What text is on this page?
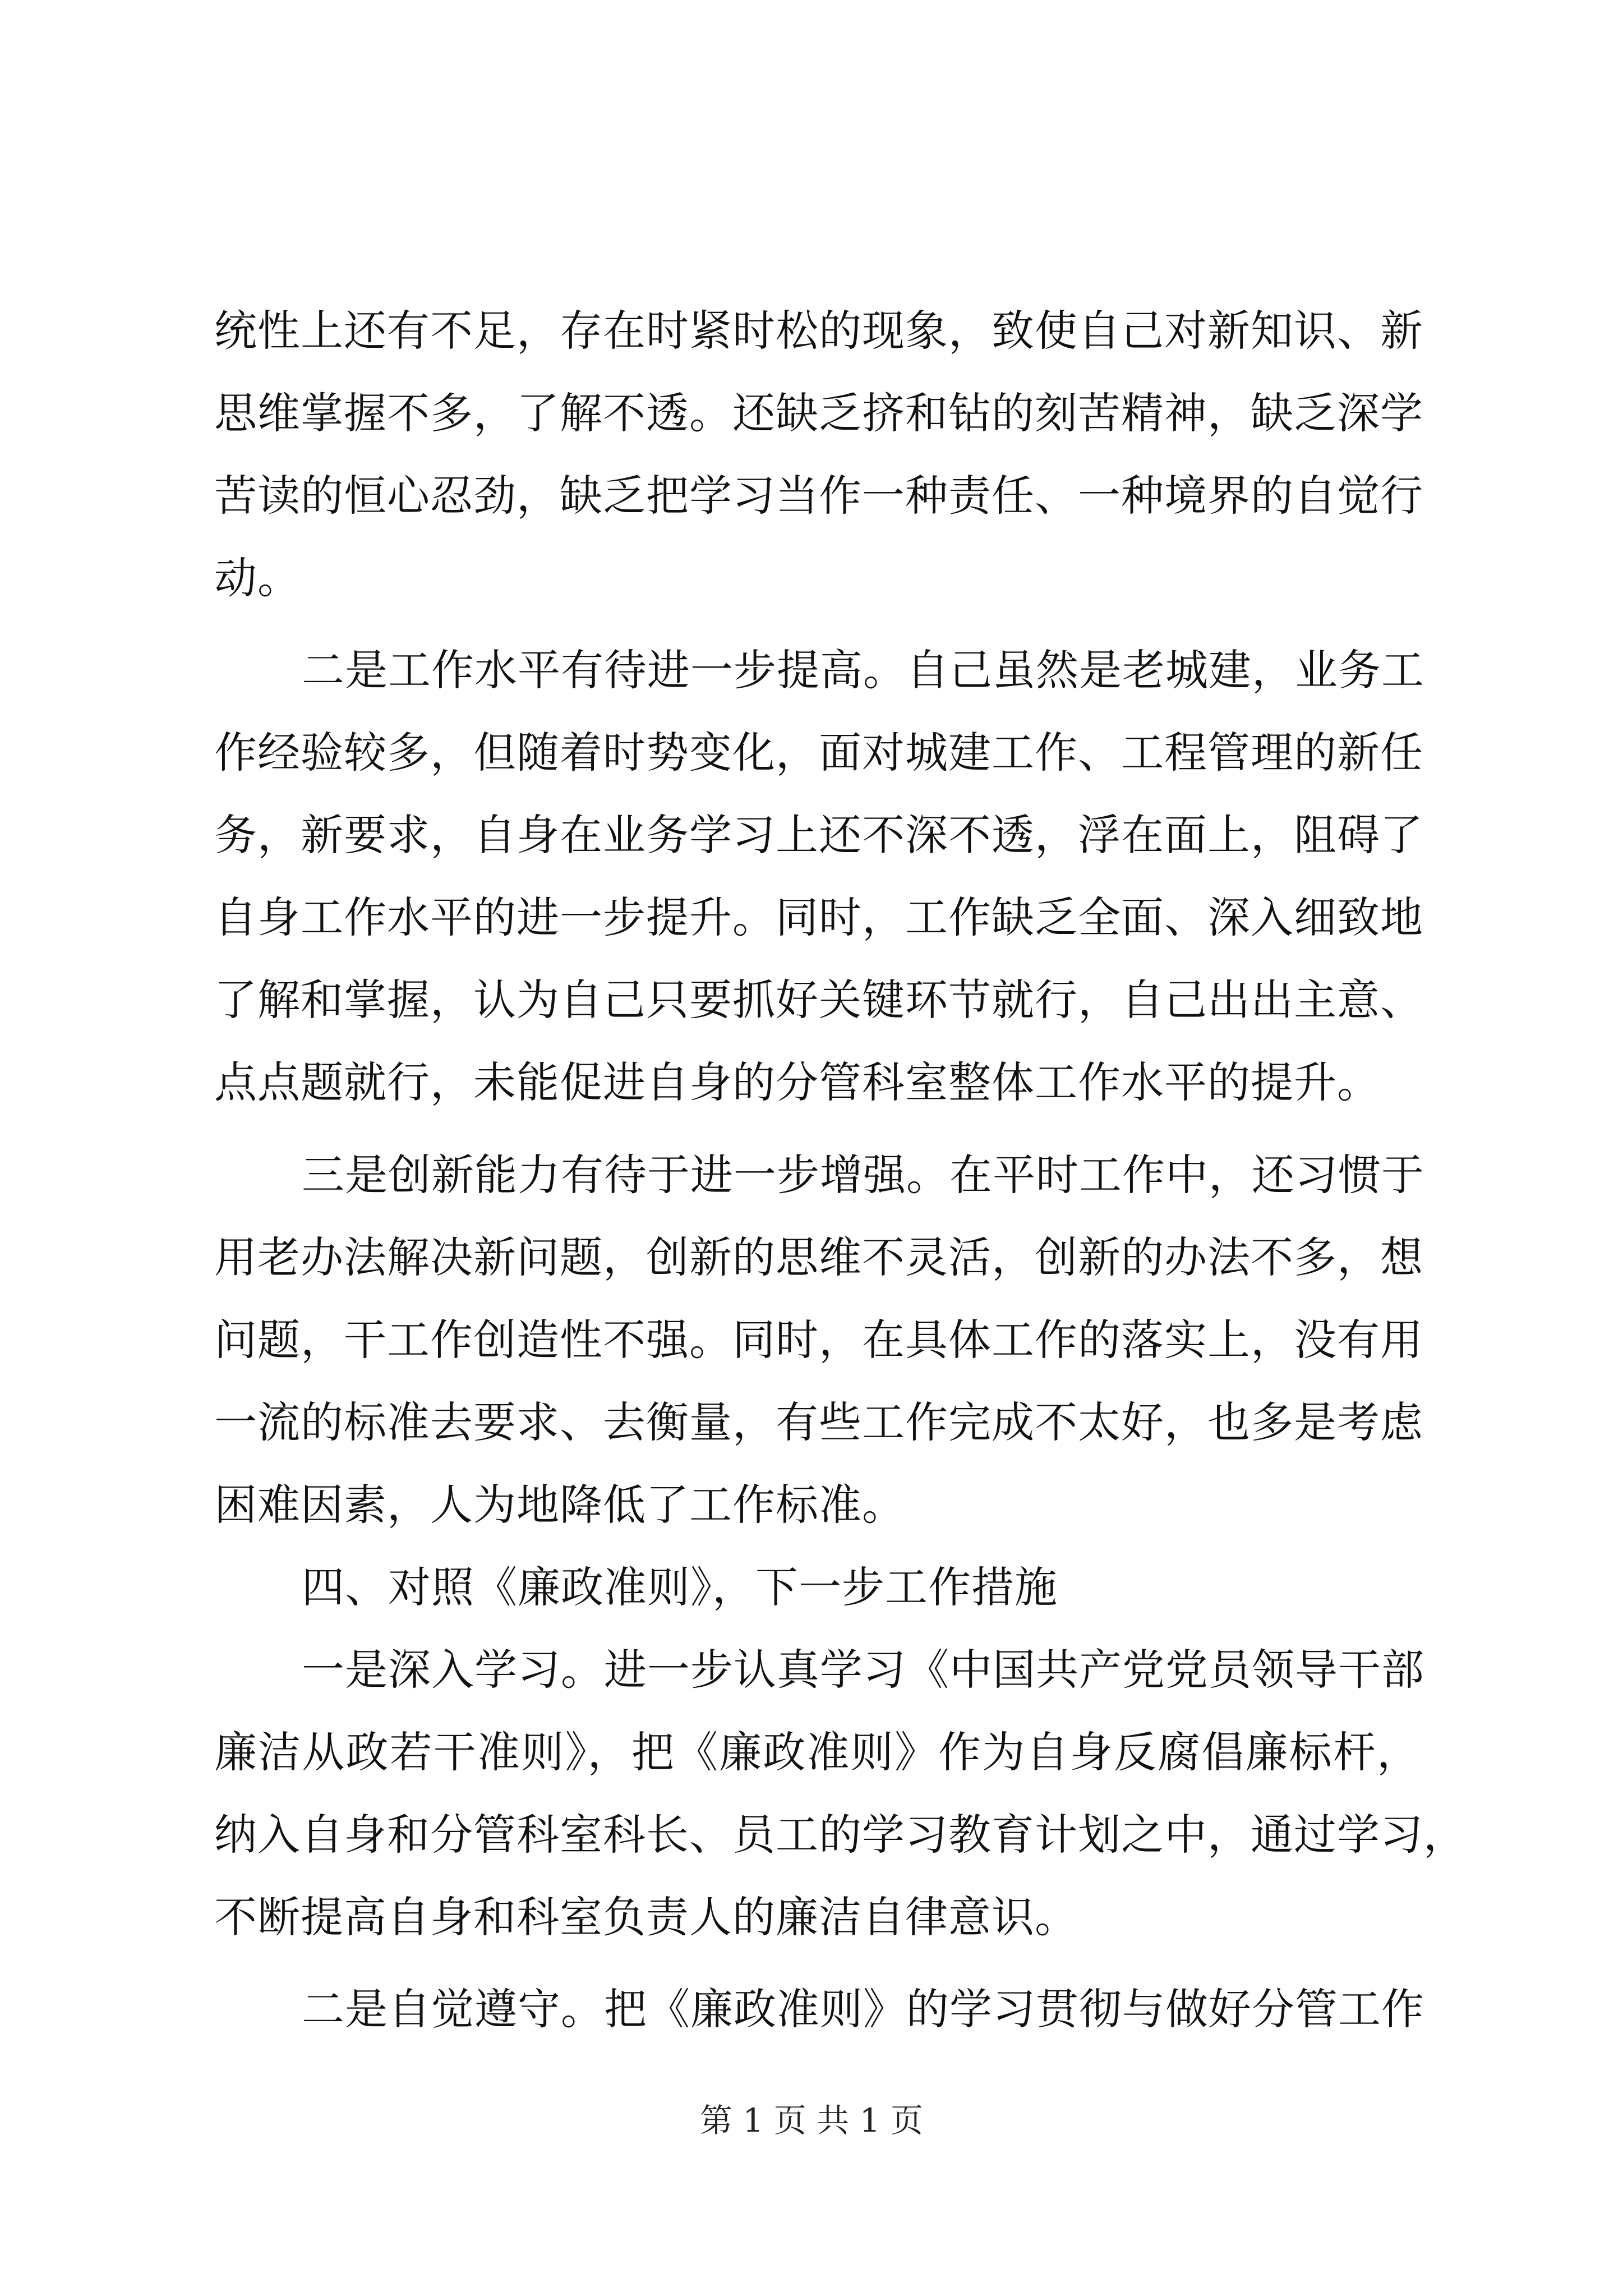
统性上还有不足，存在时紧时松的现象，致使自己对新知识、新
思维掌握不多，了解不透。还缺乏挤和钻的刻苦精神，缺乏深学
苦读的恒心忍劲，缺乏把学习当作一种责任、一种境界的自觉行
动。
二是工作水平有待进一步提高。自己虽然是老城建，业务工
作经验较多，但随着时势变化，面对城建工作、工程管理的新任
务，新要求，自身在业务学习上还不深不透，浮在面上，阻碍了
自身工作水平的进一步提升。同时，工作缺乏全面、深入细致地
了解和掌握，认为自己只要抓好关键环节就行，自己出出主意、
点点题就行，未能促进自身的分管科室整体工作水平的提升。
三是创新能力有待于进一步增强。在平时工作中，还习惯于
用老办法解决新问题，创新的思维不灵活，创新的办法不多，想
问题，干工作创造性不强。同时，在具体工作的落实上，没有用
一流的标准去要求、去衡量，有些工作完成不太好，也多是考虑
困难因素，人为地降低了工作标准。
四、对照《廉政准则》，下一步工作措施
一是深入学习。进一步认真学习《中国共产党党员领导干部
廉洁从政若干准则》，把《廉政准则》作为自身反腐倡廉标杆，
纳入自身和分管科室科长、员工的学习教育计划之中，通过学习，
不断提高自身和科室负责人的廉洁自律意识。
二是自觉遵守。把《廉政准则》的学习贯彻与做好分管工作
第 1 页 共 1 页
